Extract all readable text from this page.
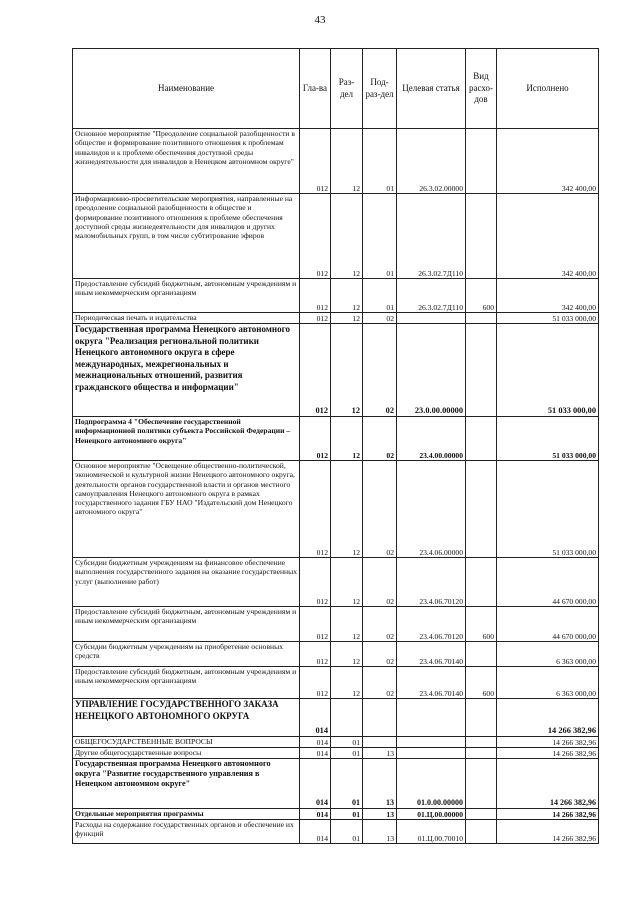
43
Наименование	Гла-ва	Раз-дел	Под-раз-дел	Целевая статья	Вид расхо-дов	Исполнено
Основное мероприятие "Преодоление социальной разобщенности в обществе и формирование позитивного отношения к проблемам инвалидов и к проблеме обеспечения доступной среды жизнедеятельности для инвалидов в Ненецком автономном округе"	012	12	01	26.3.02.00000		342 400,00
Информационно-просветительские мероприятия, направленные на преодоление социальной разобщенности в обществе и формирование позитивного отношения к проблеме обеспечения доступной среды жизнедеятельности для инвалидов и других маломобильных групп, в том числе субтитрование эфиров	012	12	01	26.3.02.7Д110		342 400,00
Предоставление субсидий бюджетным, автономным учреждениям и иным некоммерческим организациям	012	12	01	26.3.02.7Д110	600	342 400,00
Периодическая печать и издательства	012	12	02			51 033 000,00
Государственная программа Ненецкого автономного округа "Реализация региональной политики Ненецкого автономного округа в сфере международных, межрегиональных и межнациональных отношений, развития гражданского общества и информации"	012	12	02	23.0.00.00000		51 033 000,00
Подпрограмма 4 "Обеспечение государственной информационной политики субъекта Российской Федерации – Ненецкого автономного округа"	012	12	02	23.4.00.00000		51 033 000,00
Основное мероприятие "Освещение общественно-политической, экономической и культурной жизни Ненецкого автономного округа, деятельности органов государственной власти и органов местного самоуправления Ненецкого автономного округа в рамках государственного задания ГБУ НАО "Издательский дом Ненецкого автономного округа"	012	12	02	23.4.06.00000		51 033 000,00
Субсидии бюджетным учреждениям на финансовое обеспечение выполнения государственного задания на оказание государственных услуг (выполнение работ)	012	12	02	23.4.06.70120		44 670 000,00
Предоставление субсидий бюджетным, автономным учреждениям и иным некоммерческим организациям	012	12	02	23.4.06.70120	600	44 670 000,00
Субсидии бюджетным учреждениям на приобретение основных средств	012	12	02	23.4.06.70140		6 363 000,00
Предоставление субсидий бюджетным, автономным учреждениям и иным некоммерческим организациям	012	12	02	23.4.06.70140	600	6 363 000,00
УПРАВЛЕНИЕ ГОСУДАРСТВЕННОГО ЗАКАЗА НЕНЕЦКОГО АВТОНОМНОГО ОКРУГА	014					14 266 382,96
ОБЩЕГОСУДАРСТВЕННЫЕ ВОПРОСЫ	014	01				14 266 382,96
Другие общегосударственные вопросы	014	01	13			14 266 382,96
Государственная программа Ненецкого автономного округа "Развитие государственного управления в Ненецком автономном округе"	014	01	13	01.0.00.00000		14 266 382,96
Отдельные мероприятия программы	014	01	13	01.Ц.00.00000		14 266 382,96
Расходы на содержание государственных органов и обеспечение их функций	014	01	13	01.Ц.00.70010		14 266 382,96
